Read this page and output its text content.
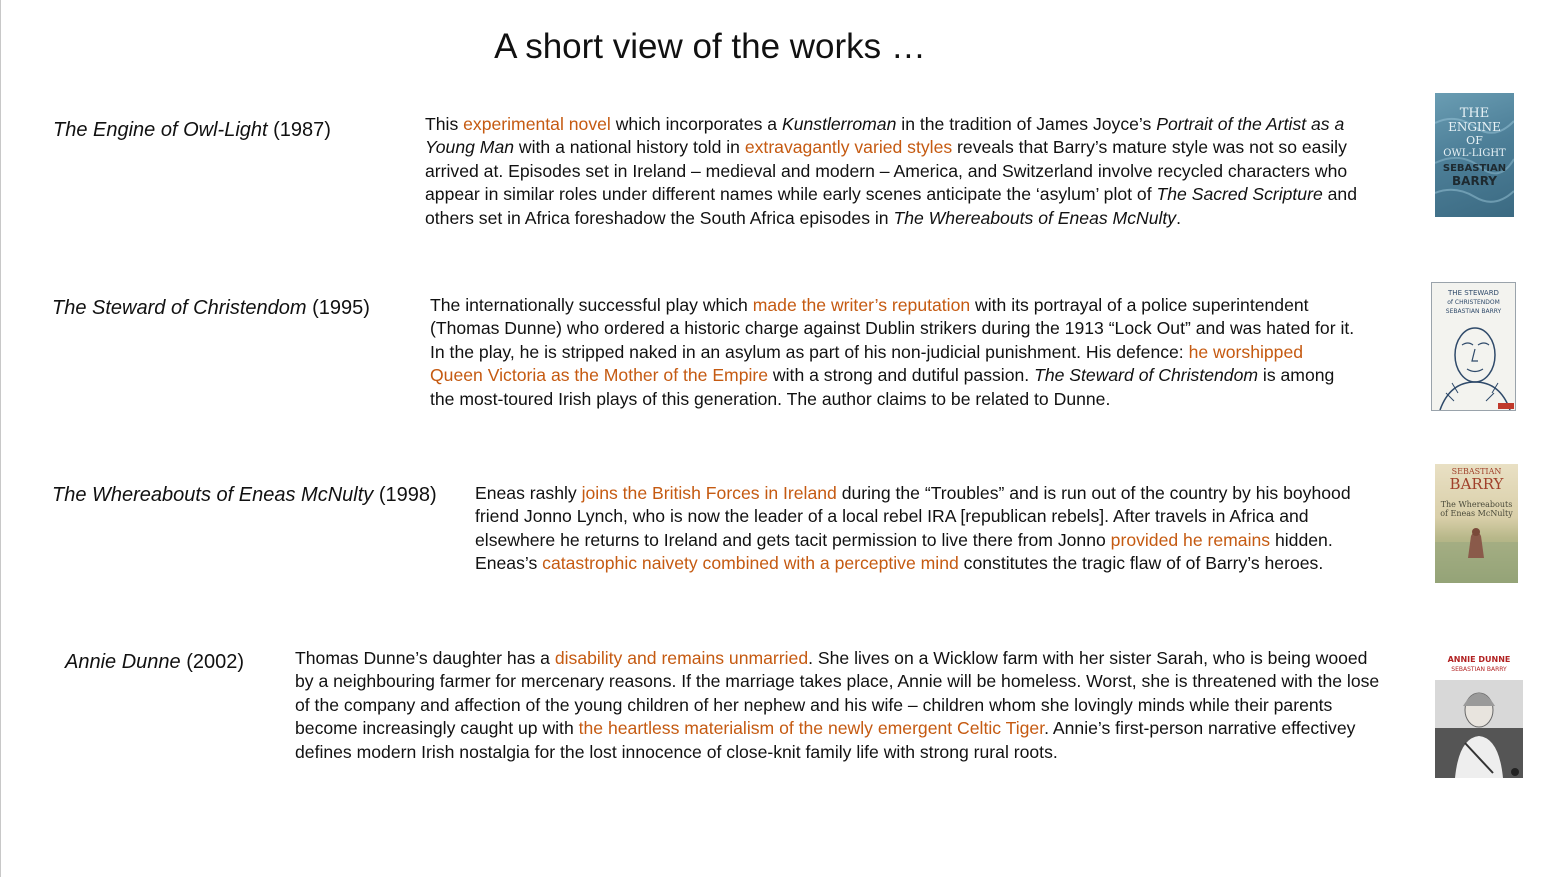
A short view of the works …
The Engine of Owl-Light (1987)	This experimental novel which incorporates a Kunstlerroman in the tradition of James Joyce’s Portrait of the Artist as a Young Man with a national history told in extravagantly varied styles reveals that Barry’s mature style was not so easily arrived at. Episodes set in Ireland – medieval and modern – America, and Switzerland involve recycled characters who appear in similar roles under different names while early scenes anticipate the ‘asylum’ plot of The Sacred Scripture and others set in Africa foreshadow the South Africa episodes in The Whereabouts of Eneas McNulty.
THE
ENGINE
OF
OWL-LIGHT
SEBASTIAN
BARRY
The Steward of Christendom (1995)	The internationally successful play which made the writer’s reputation with its portrayal of a police superintendent (Thomas Dunne) who ordered a historic charge against Dublin strikers during the 1913 “Lock Out” and was hated for it. In the play, he is stripped naked in an asylum as part of his non-judicial punishment. His defence: he worshipped Queen Victoria as the Mother of the Empire with a strong and dutiful passion. The Steward of Christendom is among the most-toured Irish plays of this generation. The author claims to be related to Dunne.
THE STEWARD
of CHRISTENDOM
SEBASTIAN BARRY
The Whereabouts of Eneas McNulty (1998) Eneas rashly joins the British Forces in Ireland during the “Troubles” and is run out of the country by his boyhood friend Jonno Lynch, who is now the leader of a local rebel IRA [republican rebels]. After travels in Africa and elsewhere he returns to Ireland and gets tacit permission to live there from Jonno provided he remains hidden. Eneas’s catastrophic naivety combined with a perceptive mind constitutes the tragic flaw of of Barry’s heroes.
SEBASTIAN
BARRY
The Whereabouts
of Eneas McNulty
Annie Dunne (2002)	Thomas Dunne’s daughter has a disability and remains unmarried. She lives on a Wicklow farm with her sister Sarah, who is being wooed by a neighbouring farmer for mercenary reasons. If the marriage takes place, Annie will be homeless. Worst, she is threatened with the lose of the company and affection of the young children of her nephew and his wife – children whom she lovingly minds while their parents become increasingly caught up with the heartless materialism of the newly emergent Celtic Tiger. Annie’s first-person narrative effectivey defines modern Irish nostalgia for the lost innocence of close-knit family life with strong rural roots.
ANNIE DUNNE
SEBASTIAN BARRY
